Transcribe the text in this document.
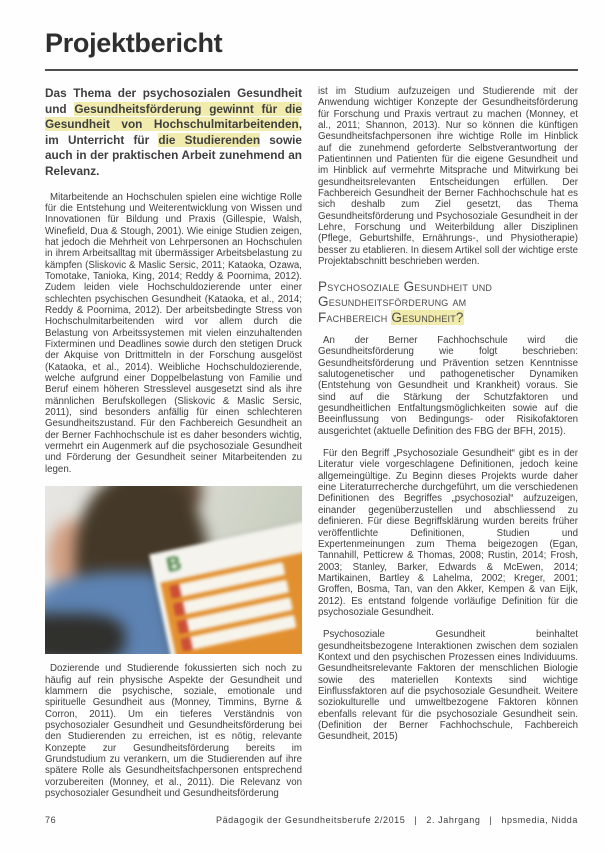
Projektbericht

Das Thema der psychosozialen Gesundheit und Gesundheitsförderung gewinnt für die Gesundheit von Hochschulmitarbeitenden, im Unterricht für die Studierenden sowie auch in der praktischen Arbeit zunehmend an Relevanz.

Mitarbeitende an Hochschulen spielen eine wichtige Rolle für die Entstehung und Weiterentwicklung von Wissen und Innovationen für Bildung und Praxis (Gillespie, Walsh, Winefield, Dua & Stough, 2001). Wie einige Studien zeigen, hat jedoch die Mehrheit von Lehrpersonen an Hochschulen in ihrem Arbeitsalltag mit übermässiger Arbeitsbelastung zu kämpfen (Sliskovic & Maslic Sersic, 2011; Kataoka, Ozawa, Tomotake, Tanioka, King, 2014; Reddy & Poornima, 2012). Zudem leiden viele Hochschuldozierende unter einer schlechten psychischen Gesundheit (Kataoka, et al., 2014; Reddy & Poornima, 2012). Der arbeitsbedingte Stress von Hochschulmitarbeitenden wird vor allem durch die Belastung von Arbeitssystemen mit vielen einzuhaltenden Fixterminen und Deadlines sowie durch den stetigen Druck der Akquise von Drittmitteln in der Forschung ausgelöst (Kataoka, et al., 2014). Weibliche Hochschuldozierende, welche aufgrund einer Doppelbelastung von Familie und Beruf einem höheren Stresslevel ausgesetzt sind als ihre männlichen Berufskollegen (Sliskovic & Maslic Sersic, 2011), sind besonders anfällig für einen schlechteren Gesundheitszustand. Für den Fachbereich Gesundheit an der Berner Fachhochschule ist es daher besonders wichtig, vermehrt ein Augenmerk auf die psychosoziale Gesundheit und Förderung der Gesundheit seiner Mitarbeitenden zu legen.

B

Dozierende und Studierende fokussierten sich noch zu häufig auf rein physische Aspekte der Gesundheit und klammern die psychische, soziale, emotionale und spirituelle Gesundheit aus (Monney, Timmins, Byrne & Corron, 2011). Um ein tieferes Verständnis von psychosozialer Gesundheit und Gesundheitsförderung bei den Studierenden zu erreichen, ist es nötig, relevante Konzepte zur Gesundheitsförderung bereits im Grundstudium zu verankern, um die Studierenden auf ihre spätere Rolle als Gesundheitsfachpersonen entsprechend vorzubereiten (Monney, et al., 2011). Die Relevanz von psychosozialer Gesundheit und Gesundheitsförderung

ist im Studium aufzuzeigen und Studierende mit der Anwendung wichtiger Konzepte der Gesundheitsförderung für Forschung und Praxis vertraut zu machen (Monney, et al., 2011; Shannon, 2013). Nur so können die künftigen Gesundheitsfachpersonen ihre wichtige Rolle im Hinblick auf die zunehmend geforderte Selbstverantwortung der Patientinnen und Patienten für die eigene Gesundheit und im Hinblick auf vermehrte Mitsprache und Mitwirkung bei gesundheitsrelevanten Entscheidungen erfüllen. Der Fachbereich Gesundheit der Berner Fachhochschule hat es sich deshalb zum Ziel gesetzt, das Thema Gesundheitsförderung und Psychosoziale Gesundheit in der Lehre, Forschung und Weiterbildung aller Disziplinen (Pflege, Geburtshilfe, Ernährungs-, und Physiotherapie) besser zu etablieren. In diesem Artikel soll der wichtige erste Projektabschnitt beschrieben werden.

Psychosoziale Gesundheit und
Gesundheitsförderung am
Fachbereich Gesundheit?

An der Berner Fachhochschule wird die Gesundheitsförderung wie folgt beschrieben: Gesundheitsförderung und Prävention setzen Kenntnisse salutogenetischer und pathogenetischer Dynamiken (Entstehung von Gesundheit und Krankheit) voraus. Sie sind auf die Stärkung der Schutzfaktoren und gesundheitlichen Entfaltungsmöglichkeiten sowie auf die Beeinflussung von Bedingungs- oder Risikofaktoren ausgerichtet (aktuelle Definition des FBG der BFH, 2015).

Für den Begriff „Psychosoziale Gesundheit“ gibt es in der Literatur viele vorgeschlagene Definitionen, jedoch keine allgemeingültige. Zu Beginn dieses Projekts wurde daher eine Literaturrecherche durchgeführt, um die verschiedenen Definitionen des Begriffes „psychosozial“ aufzuzeigen, einander gegenüberzustellen und abschliessend zu definieren. Für diese Begriffsklärung wurden bereits früher veröffentlichte Definitionen, Studien und Expertenmeinungen zum Thema beigezogen (Egan, Tannahill, Petticrew & Thomas, 2008; Rustin, 2014; Frosh, 2003; Stanley, Barker, Edwards & McEwen, 2014; Martikainen, Bartley & Lahelma, 2002; Kreger, 2001; Groffen, Bosma, Tan, van den Akker, Kempen & van Eijk, 2012). Es entstand folgende vorläufige Definition für die psychosoziale Gesundheit.

Psychosoziale Gesundheit beinhaltet gesundheitsbezogene Interaktionen zwischen dem sozialen Kontext und den psychischen Prozessen eines Individuums. Gesundheitsrelevante Faktoren der menschlichen Biologie sowie des materiellen Kontexts sind wichtige Einflussfaktoren auf die psychosoziale Gesundheit. Weitere soziokulturelle und umweltbezogene Faktoren können ebenfalls relevant für die psychosoziale Gesundheit sein. (Definition der Berner Fachhochschule, Fachbereich Gesundheit, 2015)

76	Pädagogik der Gesundheitsberufe 2/2015 | 2. Jahrgang | hpsmedia, Nidda
